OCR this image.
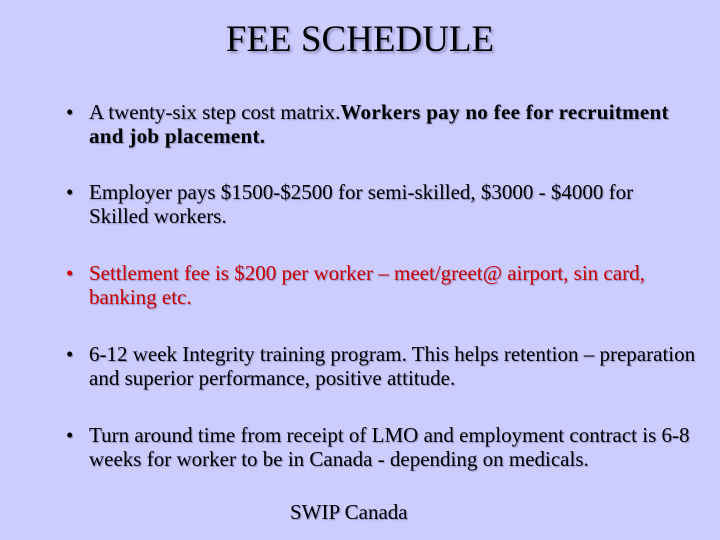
FEE SCHEDULE
• A twenty-six step cost matrix.Workers pay no fee for recruitment and job placement.
• Employer pays $1500-$2500 for semi-skilled, $3000 - $4000 for Skilled workers.
• Settlement fee is $200 per worker – meet/greet@ airport, sin card, banking etc.
• 6-12 week Integrity training program. This helps retention – preparation and superior performance, positive attitude.
• Turn around time from receipt of LMO and employment contract is 6-8 weeks for worker to be in Canada - depending on medicals.
SWIP Canada
